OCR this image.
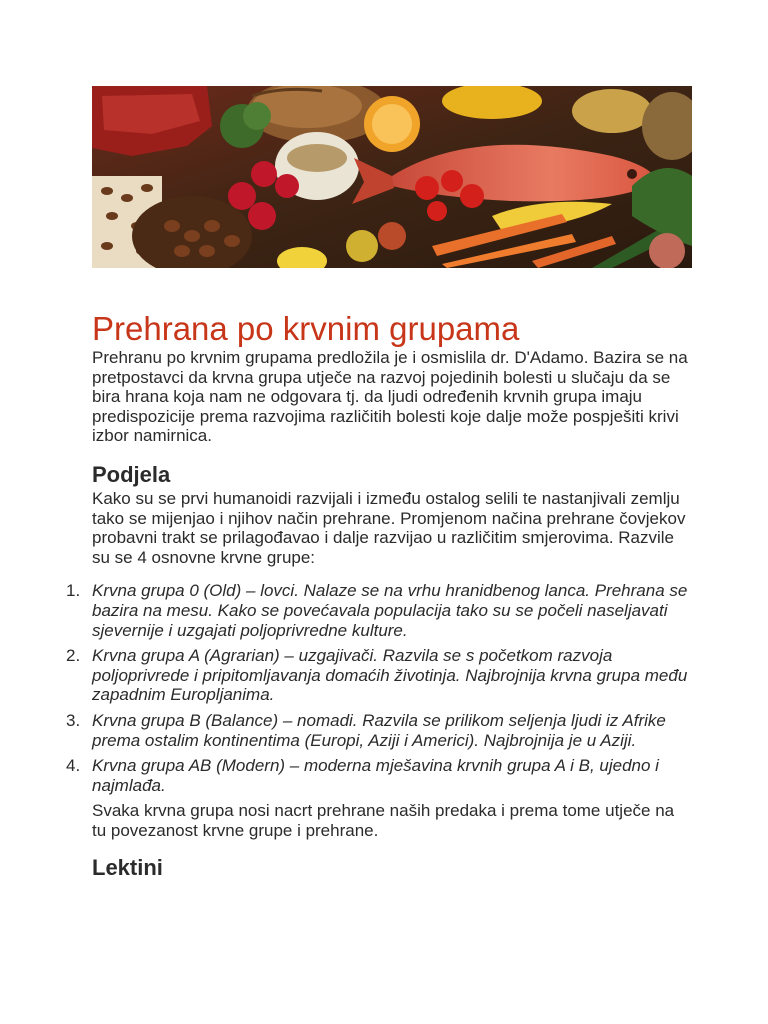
Prehrana po krvnim grupama

Prehranu po krvnim grupama predložila je i osmislila dr. D'Adamo. Bazira se na pretpostavci da krvna grupa utječe na razvoj pojedinih bolesti u slučaju da se bira hrana koja nam ne odgovara tj. da ljudi određenih krvnih grupa imaju predispozicije prema razvojima različitih bolesti koje dalje može pospješiti krivi izbor namirnica.

Podjela

Kako su se prvi humanoidi razvijali i između ostalog selili te nastanjivali zemlju tako se mijenjao i njihov način prehrane. Promjenom načina prehrane čovjekov probavni trakt se prilagođavao i dalje razvijao u različitim smjerovima. Razvile su se 4 osnovne krvne grupe:

1. Krvna grupa 0 (Old) – lovci. Nalaze se na vrhu hranidbenog lanca. Prehrana se bazira na mesu. Kako se povećavala populacija tako su se počeli naseljavati sjevernije i uzgajati poljoprivredne kulture.
2. Krvna grupa A (Agrarian) – uzgajivači. Razvila se s početkom razvoja poljoprivrede i pripitomljavanja domaćih životinja. Najbrojnija krvna grupa među zapadnim Europljanima.
3. Krvna grupa B (Balance) – nomadi. Razvila se prilikom seljenja ljudi iz Afrike prema ostalim kontinentima (Europi, Aziji i Americi). Najbrojnija je u Aziji.
4. Krvna grupa AB (Modern) – moderna mješavina krvnih grupa A i B, ujedno i najmlađa.

Svaka krvna grupa nosi nacrt prehrane naših predaka i prema tome utječe na tu povezanost krvne grupe i prehrane.

Lektini
